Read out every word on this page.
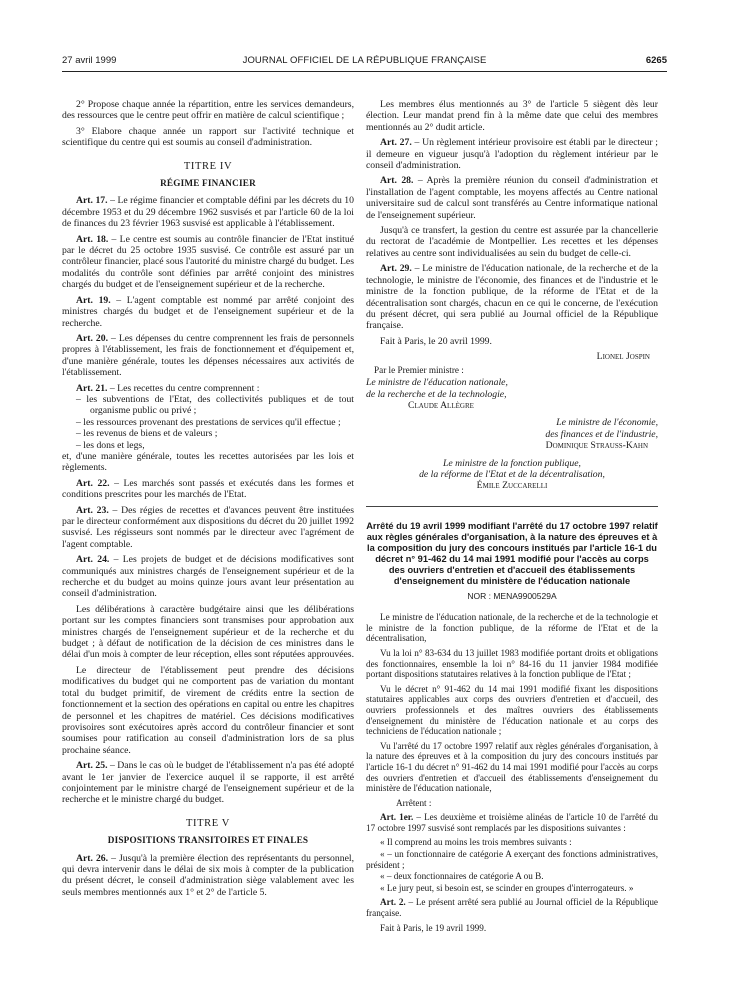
27 avril 1999	JOURNAL OFFICIEL DE LA RÉPUBLIQUE FRANÇAISE	6265

2° Propose chaque année la répartition, entre les services demandeurs, des ressources que le centre peut offrir en matière de calcul scientifique ;

3° Elabore chaque année un rapport sur l'activité technique et scientifique du centre qui est soumis au conseil d'administration.

TITRE IV

RÉGIME FINANCIER

Art. 17. – Le régime financier et comptable défini par les décrets du 10 décembre 1953 et du 29 décembre 1962 susvisés et par l'article 60 de la loi de finances du 23 février 1963 susvisé est applicable à l'établissement.

Art. 18. – Le centre est soumis au contrôle financier de l'Etat institué par le décret du 25 octobre 1935 susvisé. Ce contrôle est assuré par un contrôleur financier, placé sous l'autorité du ministre chargé du budget. Les modalités du contrôle sont définies par arrêté conjoint des ministres chargés du budget et de l'enseignement supérieur et de la recherche.

Art. 19. – L'agent comptable est nommé par arrêté conjoint des ministres chargés du budget et de l'enseignement supérieur et de la recherche.

Art. 20. – Les dépenses du centre comprennent les frais de personnels propres à l'établissement, les frais de fonctionnement et d'équipement et, d'une manière générale, toutes les dépenses nécessaires aux activités de l'établissement.

Art. 21. – Les recettes du centre comprennent :

– les subventions de l'Etat, des collectivités publiques et de tout organisme public ou privé ;

– les ressources provenant des prestations de services qu'il effectue ;

– les revenus de biens et de valeurs ;

– les dons et legs,

et, d'une manière générale, toutes les recettes autorisées par les lois et règlements.

Art. 22. – Les marchés sont passés et exécutés dans les formes et conditions prescrites pour les marchés de l'Etat.

Art. 23. – Des régies de recettes et d'avances peuvent être instituées par le directeur conformément aux dispositions du décret du 20 juillet 1992 susvisé. Les régisseurs sont nommés par le directeur avec l'agrément de l'agent comptable.

Art. 24. – Les projets de budget et de décisions modificatives sont communiqués aux ministres chargés de l'enseignement supérieur et de la recherche et du budget au moins quinze jours avant leur présentation au conseil d'administration.

Les délibérations à caractère budgétaire ainsi que les délibérations portant sur les comptes financiers sont transmises pour approbation aux ministres chargés de l'enseignement supérieur et de la recherche et du budget ; à défaut de notification de la décision de ces ministres dans le délai d'un mois à compter de leur réception, elles sont réputées approuvées.

Le directeur de l'établissement peut prendre des décisions modificatives du budget qui ne comportent pas de variation du montant total du budget primitif, de virement de crédits entre la section de fonctionnement et la section des opérations en capital ou entre les chapitres de personnel et les chapitres de matériel. Ces décisions modificatives provisoires sont exécutoires après accord du contrôleur financier et sont soumises pour ratification au conseil d'administration lors de sa plus prochaine séance.

Art. 25. – Dans le cas où le budget de l'établissement n'a pas été adopté avant le 1er janvier de l'exercice auquel il se rapporte, il est arrêté conjointement par le ministre chargé de l'enseignement supérieur et de la recherche et le ministre chargé du budget.

TITRE V

DISPOSITIONS TRANSITOIRES ET FINALES

Art. 26. – Jusqu'à la première élection des représentants du personnel, qui devra intervenir dans le délai de six mois à compter de la publication du présent décret, le conseil d'administration siège valablement avec les seuls membres mentionnés aux 1° et 2° de l'article 5.

Les membres élus mentionnés au 3° de l'article 5 siègent dès leur élection. Leur mandat prend fin à la même date que celui des membres mentionnés au 2° dudit article.

Art. 27. – Un règlement intérieur provisoire est établi par le directeur ; il demeure en vigueur jusqu'à l'adoption du règlement intérieur par le conseil d'administration.

Art. 28. – Après la première réunion du conseil d'administration et l'installation de l'agent comptable, les moyens affectés au Centre national universitaire sud de calcul sont transférés au Centre informatique national de l'enseignement supérieur.

Jusqu'à ce transfert, la gestion du centre est assurée par la chancellerie du rectorat de l'académie de Montpellier. Les recettes et les dépenses relatives au centre sont individualisées au sein du budget de celle-ci.

Art. 29. – Le ministre de l'éducation nationale, de la recherche et de la technologie, le ministre de l'économie, des finances et de l'industrie et le ministre de la fonction publique, de la réforme de l'Etat et de la décentralisation sont chargés, chacun en ce qui le concerne, de l'exécution du présent décret, qui sera publié au Journal officiel de la République française.

Fait à Paris, le 20 avril 1999.

Lionel Jospin

Par le Premier ministre :

Le ministre de l'éducation nationale,

de la recherche et de la technologie,

Claude Allègre

Le ministre de l'économie,

des finances et de l'industrie,

Dominique Strauss-Kahn

Le ministre de la fonction publique,

de la réforme de l'Etat et de la décentralisation,

Émile Zuccarelli

Arrêté du 19 avril 1999 modifiant l'arrêté du 17 octobre 1997 relatif aux règles générales d'organisation, à la nature des épreuves et à la composition du jury des concours institués par l'article 16-1 du décret n° 91-462 du 14 mai 1991 modifié pour l'accès au corps des ouvriers d'entretien et d'accueil des établissements d'enseignement du ministère de l'éducation nationale

NOR : MENA9900529A

Le ministre de l'éducation nationale, de la recherche et de la technologie et le ministre de la fonction publique, de la réforme de l'Etat et de la décentralisation,

Vu la loi n° 83-634 du 13 juillet 1983 modifiée portant droits et obligations des fonctionnaires, ensemble la loi n° 84-16 du 11 janvier 1984 modifiée portant dispositions statutaires relatives à la fonction publique de l'Etat ;

Vu le décret n° 91-462 du 14 mai 1991 modifié fixant les dispositions statutaires applicables aux corps des ouvriers d'entretien et d'accueil, des ouvriers professionnels et des maîtres ouvriers des établissements d'enseignement du ministère de l'éducation nationale et au corps des techniciens de l'éducation nationale ;

Vu l'arrêté du 17 octobre 1997 relatif aux règles générales d'organisation, à la nature des épreuves et à la composition du jury des concours institués par l'article 16-1 du décret n° 91-462 du 14 mai 1991 modifié pour l'accès au corps des ouvriers d'entretien et d'accueil des établissements d'enseignement du ministère de l'éducation nationale,

Arrêtent :

Art. 1er. – Les deuxième et troisième alinéas de l'article 10 de l'arrêté du 17 octobre 1997 susvisé sont remplacés par les dispositions suivantes :

« Il comprend au moins les trois membres suivants :

« – un fonctionnaire de catégorie A exerçant des fonctions administratives, président ;

« – deux fonctionnaires de catégorie A ou B.

« Le jury peut, si besoin est, se scinder en groupes d'interrogateurs. »

Art. 2. – Le présent arrêté sera publié au Journal officiel de la République française.

Fait à Paris, le 19 avril 1999.
